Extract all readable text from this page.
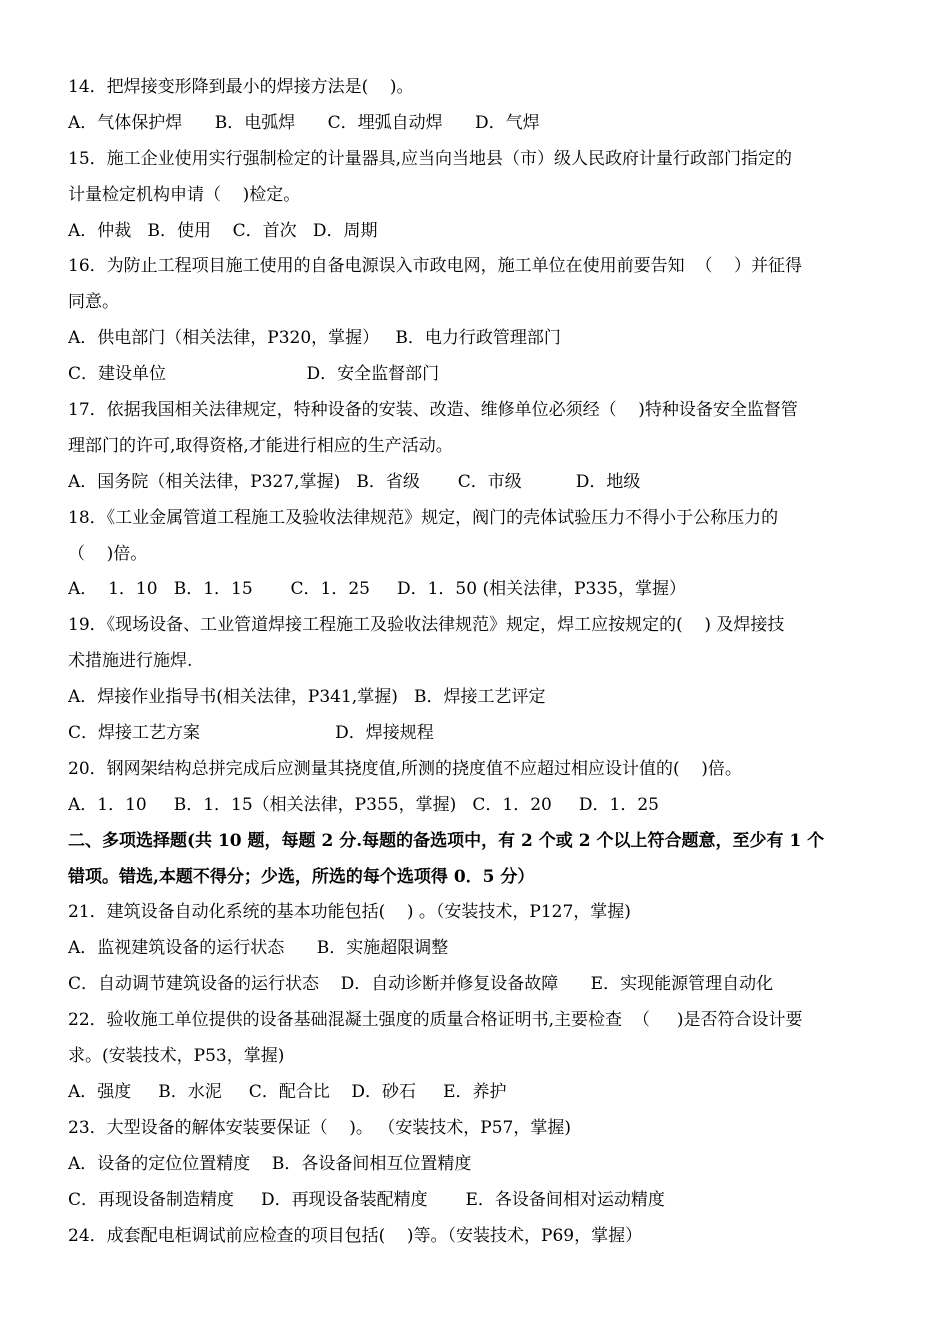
14．把焊接变形降到最小的焊接方法是(    )。
A．气体保护焊      B．电弧焊      C．埋弧自动焊      D．气焊
15．施工企业使用实行强制检定的计量器具,应当向当地县（市）级人民政府计量行政部门指定的
计量检定机构申请（    )检定。
A．仲裁   B．使用    C．首次   D．周期
16．为防止工程项目施工使用的自备电源误入市政电网，施工单位在使用前要告知  （    ）并征得
同意。
A．供电部门（相关法律，P320，掌握）   B．电力行政管理部门
C．建设单位                          D．安全监督部门
17．依据我国相关法律规定，特种设备的安装、改造、维修单位必须经（    )特种设备安全监督管
理部门的许可,取得资格,才能进行相应的生产活动。
A．国务院（相关法律，P327,掌握)   B．省级       C．市级          D．地级
18．《工业金属管道工程施工及验收法律规范》规定，阀门的壳体试验压力不得小于公称压力的
（    )倍。
A．  1．10   B．1．15       C．1．25     D．1．50 (相关法律，P335，掌握）
19．《现场设备、工业管道焊接工程施工及验收法律规范》规定，焊工应按规定的(    ) 及焊接技
术措施进行施焊.
A．焊接作业指导书(相关法律，P341,掌握)   B．焊接工艺评定
C．焊接工艺方案                         D．焊接规程
20．钢网架结构总拼完成后应测量其挠度值,所测的挠度值不应超过相应设计值的(    )倍。
A．1．10     B．1．15（相关法律，P355，掌握)   C．1．20     D．1．25
二、多项选择题(共 10 题，每题 2 分.每题的备选项中，有 2 个或 2 个以上符合题意，至少有 1 个
错项。错选,本题不得分；少选，所选的每个选项得 0．5 分）
21．建筑设备自动化系统的基本功能包括(    ) 。（安装技术，P127，掌握)
A．监视建筑设备的运行状态      B．实施超限调整
C．自动调节建筑设备的运行状态    D．自动诊断并修复设备故障      E．实现能源管理自动化
22．验收施工单位提供的设备基础混凝土强度的质量合格证明书,主要检查  （     )是否符合设计要
求。(安装技术，P53，掌握)
A．强度     B．水泥     C．配合比    D．砂石     E．养护
23．大型设备的解体安装要保证（    )。 （安装技术，P57，掌握)
A．设备的定位位置精度    B．各设备间相互位置精度
C．再现设备制造精度     D．再现设备装配精度       E．各设备间相对运动精度
24．成套配电柜调试前应检查的项目包括(    )等。（安装技术，P69，掌握）
